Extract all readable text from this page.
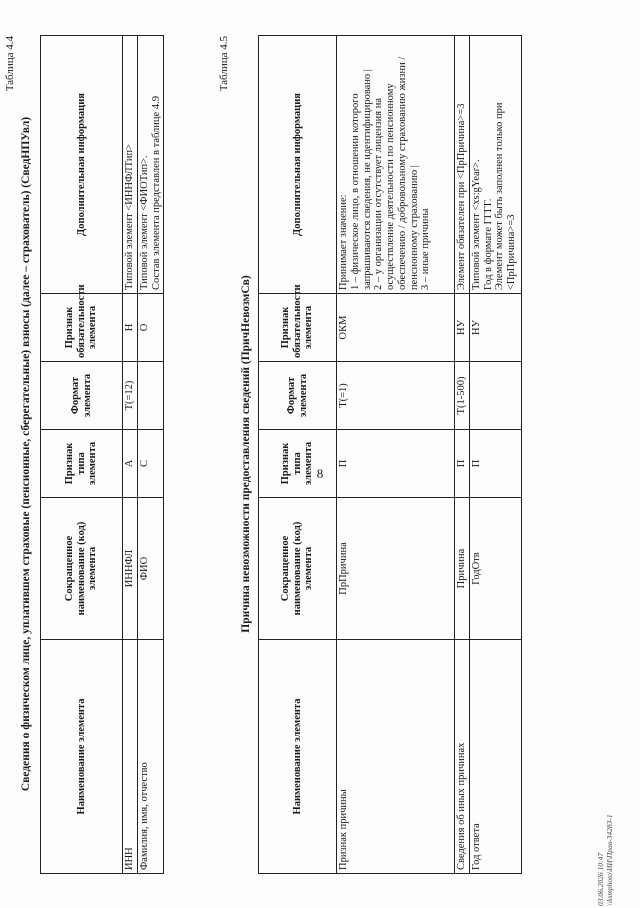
8
Таблица 4.4
Сведения о физическом лице, уплатившем страховые (пенсионные, сберегательные) взносы (далее – страхователь) (СведНПУвл)	Наименование элемента	Сокращенное наименование (код) элемента	Признак типа элемента	Формат элемента	Признак обязательности элемента	Дополнительная информация
ИНН	ИННФЛ	А	T(=12)	Н	Типовой элемент <ИННФЛТип>
Фамилия, имя, отчество	ФИО	С		О	Типовой элемент <ФИОТип>.
Состав элемента представлен в таблице 4.9
Таблица 4.5
Причина невозможности предоставления сведений (ПричНевозмСв)
Наименование элемента	Сокращенное наименование (код) элемента	Признак типа элемента	Формат элемента	Признак обязательности элемента	Дополнительная информация
Признак причины	ПрПричина	П	T(=1)	ОКМ	Принимает значение:
1 – физическое лицо, в отношении которого запрашиваются сведения, не идентифицировано |
2 – у организации отсутствует лицензия на осуществление деятельности по пенсионному обеспечению / добровольному страхованию жизни / пенсионному страхованию |
3 – иные причины
Сведения об иных причинах	Причина	П	T(1-500)	НУ	Элемент обязателен при <ПрПричина>=3
Год ответа	ГодОтв	П		НУ	Типовой элемент <xs:gYear>.
Год в формате ГГГГ.
Элемент может быть заполнен только при <ПрПричина>=3
03.06.2026 10:47 \\ksmphoto\ИИ\Прав-34283-1
